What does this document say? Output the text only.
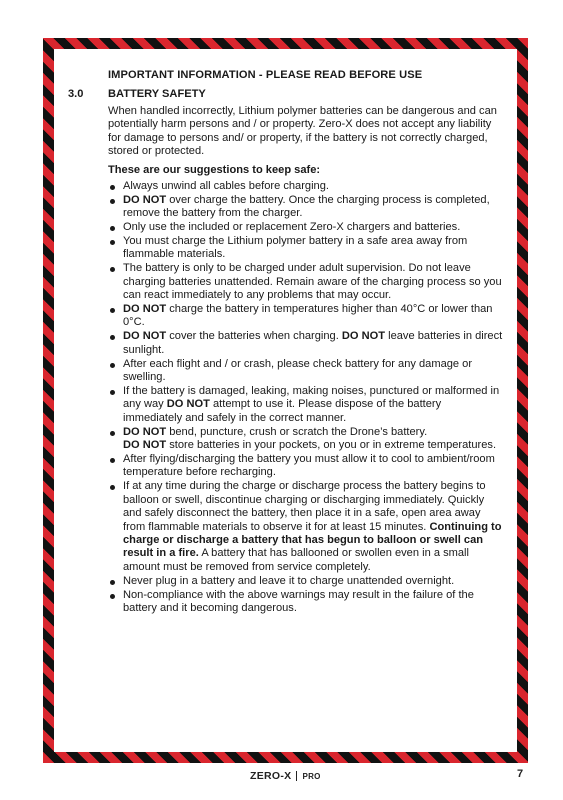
IMPORTANT INFORMATION - PLEASE READ BEFORE USE
3.0	BATTERY SAFETY

When handled incorrectly, Lithium polymer batteries can be dangerous and can potentially harm persons and / or property. Zero-X does not accept any liability for damage to persons and/ or property, if the battery is not correctly charged, stored or protected.

These are our suggestions to keep safe:

Always unwind all cables before charging.
DO NOT over charge the battery. Once the charging process is completed, remove the battery from the charger.
Only use the included or replacement Zero-X chargers and batteries.
You must charge the Lithium polymer battery in a safe area away from flammable materials.
The battery is only to be charged under adult supervision. Do not leave charging batteries unattended. Remain aware of the charging process so you can react immediately to any problems that may occur.
DO NOT charge the battery in temperatures higher than 40°C or lower than 0°C.
DO NOT cover the batteries when charging. DO NOT leave batteries in direct sunlight.
After each flight and / or crash, please check battery for any damage or swelling.
If the battery is damaged, leaking, making noises, punctured or malformed in any way DO NOT attempt to use it. Please dispose of the battery immediately and safely in the correct manner.
DO NOT bend, puncture, crush or scratch the Drone’s battery.
DO NOT store batteries in your pockets, on you or in extreme temperatures.
After flying/discharging the battery you must allow it to cool to ambient/room temperature before recharging.
If at any time during the charge or discharge process the battery begins to balloon or swell, discontinue charging or discharging immediately. Quickly and safely disconnect the battery, then place it in a safe, open area away from flammable materials to observe it for at least 15 minutes. Continuing to charge or discharge a battery that has begun to balloon or swell can result in a fire. A battery that has ballooned or swollen even in a small amount must be removed from service completely.
Never plug in a battery and leave it to charge unattended overnight.
Non-compliance with the above warnings may result in the failure of the battery and it becoming dangerous.
ZERO-X PRO	7
